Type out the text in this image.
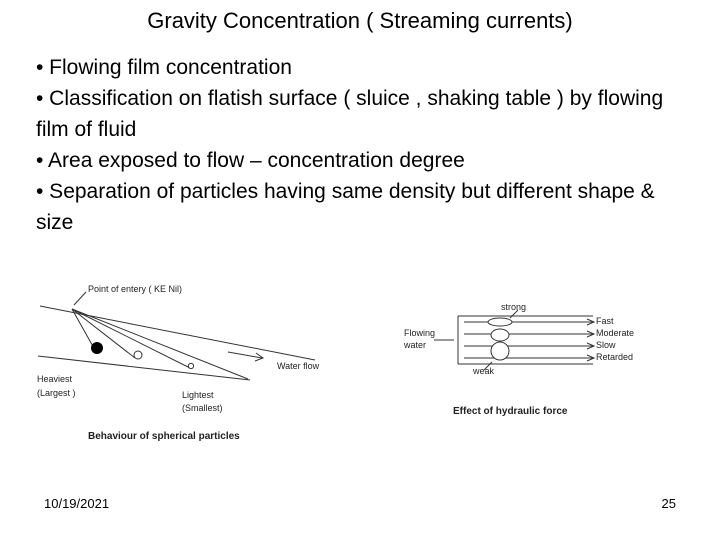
Gravity Concentration ( Streaming currents)

• Flowing film concentration

• Classification on flatish surface ( sluice , shaking table ) by flowing film of fluid

• Area exposed to flow – concentration degree

• Separation of particles having same density but different shape & size

Point of entery ( KE Nil)
Water flow
Heaviest
(Largest )	Lightest
(Smallest)
Behaviour of spherical particles
strong
weak
Flowing
water
Fast
Moderate
Slow
Retarded
Effect of hydraulic force
10/19/2021	25
